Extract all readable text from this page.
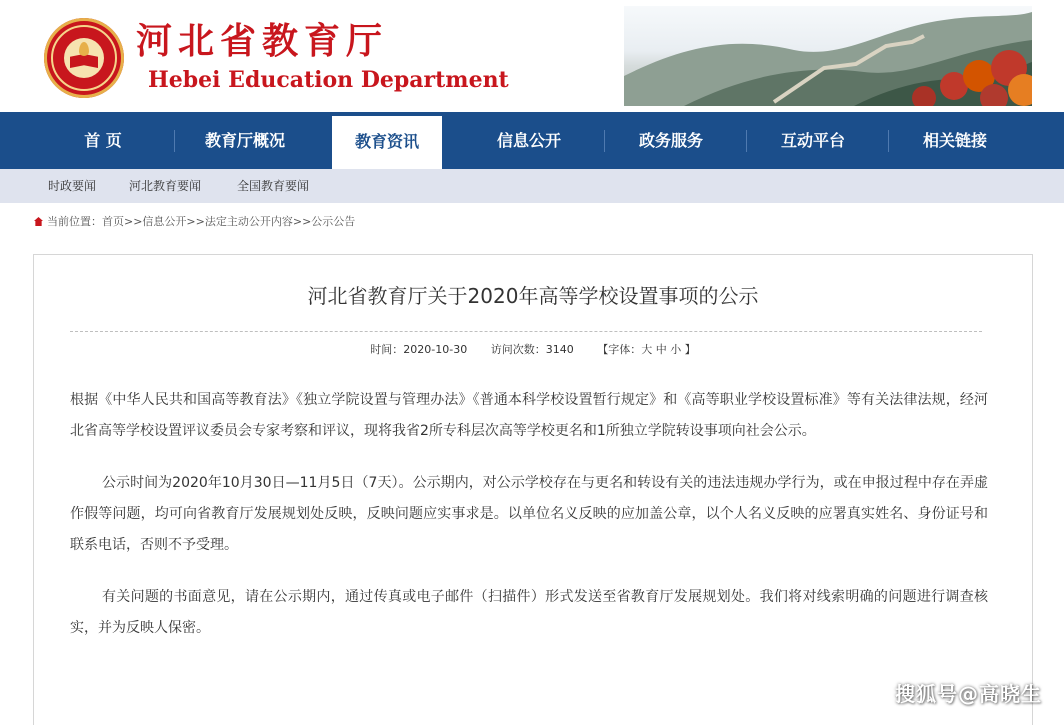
河北省教育厅
Hebei Education Department
首 页	教育厅概况	教育资讯	信息公开	政务服务	互动平台	相关链接
时政要闻	河北教育要闻	全国教育要闻
当前位置：首页>>信息公开>>法定主动公开内容>>公示公告
河北省教育厅关于2020年高等学校设置事项的公示
时间：2020-10-30 访问次数：3140 【字体：大 中 小 】

根据《中华人民共和国高等教育法》《独立学院设置与管理办法》《普通本科学校设置暂行规定》和《高等职业学校设置标准》等有关法律法规，经河北省高等学校设置评议委员会专家考察和评议，现将我省2所专科层次高等学校更名和1所独立学院转设事项向社会公示。

公示时间为2020年10月30日—11月5日（7天）。公示期内，对公示学校存在与更名和转设有关的违法违规办学行为，或在申报过程中存在弄虚作假等问题，均可向省教育厅发展规划处反映，反映问题应实事求是。以单位名义反映的应加盖公章，以个人名义反映的应署真实姓名、身份证号和联系电话，否则不予受理。

有关问题的书面意见，请在公示期内，通过传真或电子邮件（扫描件）形式发送至省教育厅发展规划处。我们将对线索明确的问题进行调查核实，并为反映人保密。

搜狐号@高晓生
